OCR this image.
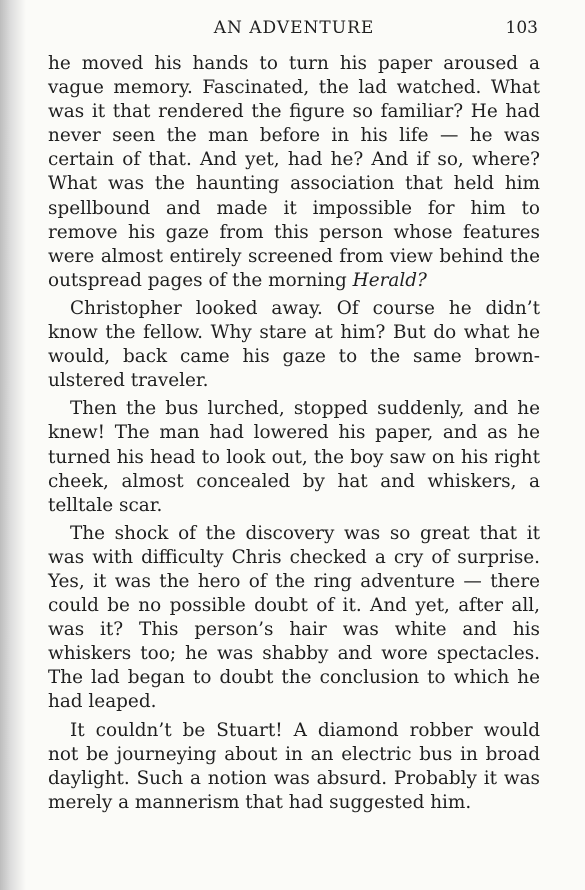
AN ADVENTURE	103

he moved his hands to turn his paper aroused a vague memory. Fascinated, the lad watched. What was it that rendered the figure so familiar? He had never seen the man before in his life — he was certain of that. And yet, had he? And if so, where? What was the haunting association that held him spellbound and made it impossible for him to remove his gaze from this person whose features were almost entirely screened from view behind the outspread pages of the morning Herald?

Christopher looked away. Of course he didn’t know the fellow. Why stare at him? But do what he would, back came his gaze to the same brown-ulstered traveler.

Then the bus lurched, stopped suddenly, and he knew! The man had lowered his paper, and as he turned his head to look out, the boy saw on his right cheek, almost concealed by hat and whiskers, a telltale scar.

The shock of the discovery was so great that it was with difficulty Chris checked a cry of surprise. Yes, it was the hero of the ring adventure — there could be no possible doubt of it. And yet, after all, was it? This person’s hair was white and his whiskers too; he was shabby and wore spectacles. The lad began to doubt the conclusion to which he had leaped.

It couldn’t be Stuart! A diamond robber would not be journeying about in an electric bus in broad daylight. Such a notion was absurd. Probably it was merely a mannerism that had suggested him.
